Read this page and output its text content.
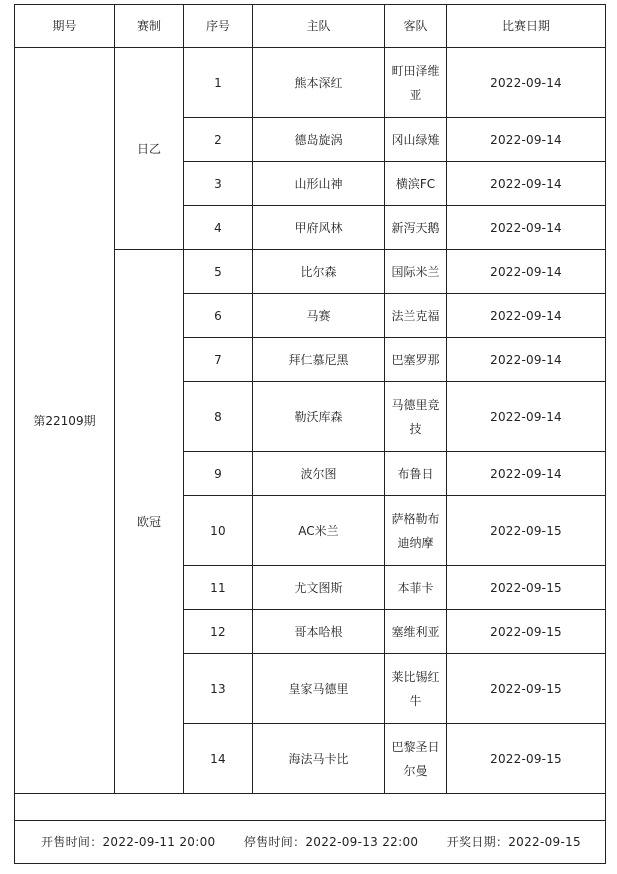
期号	赛制	序号	主队	客队	比赛日期
第22109期	日乙	1	熊本深红	町田泽维亚	2022-09-14
		2	德岛旋涡	冈山绿雉	2022-09-14
		3	山形山神	横滨FC	2022-09-14
		4	甲府风林	新泻天鹅	2022-09-14
	欧冠	5	比尔森	国际米兰	2022-09-14
		6	马赛	法兰克福	2022-09-14
		7	拜仁慕尼黑	巴塞罗那	2022-09-14
		8	勒沃库森	马德里竞技	2022-09-14
		9	波尔图	布鲁日	2022-09-14
		10	AC米兰	萨格勒布迪纳摩	2022-09-15
		11	尤文图斯	本菲卡	2022-09-15
		12	哥本哈根	塞维利亚	2022-09-15
		13	皇家马德里	莱比锡红牛	2022-09-15
		14	海法马卡比	巴黎圣日尔曼	2022-09-15

开售时间：2022-09-11 20:00 停售时间：2022-09-13 22:00 开奖日期：2022-09-15					
